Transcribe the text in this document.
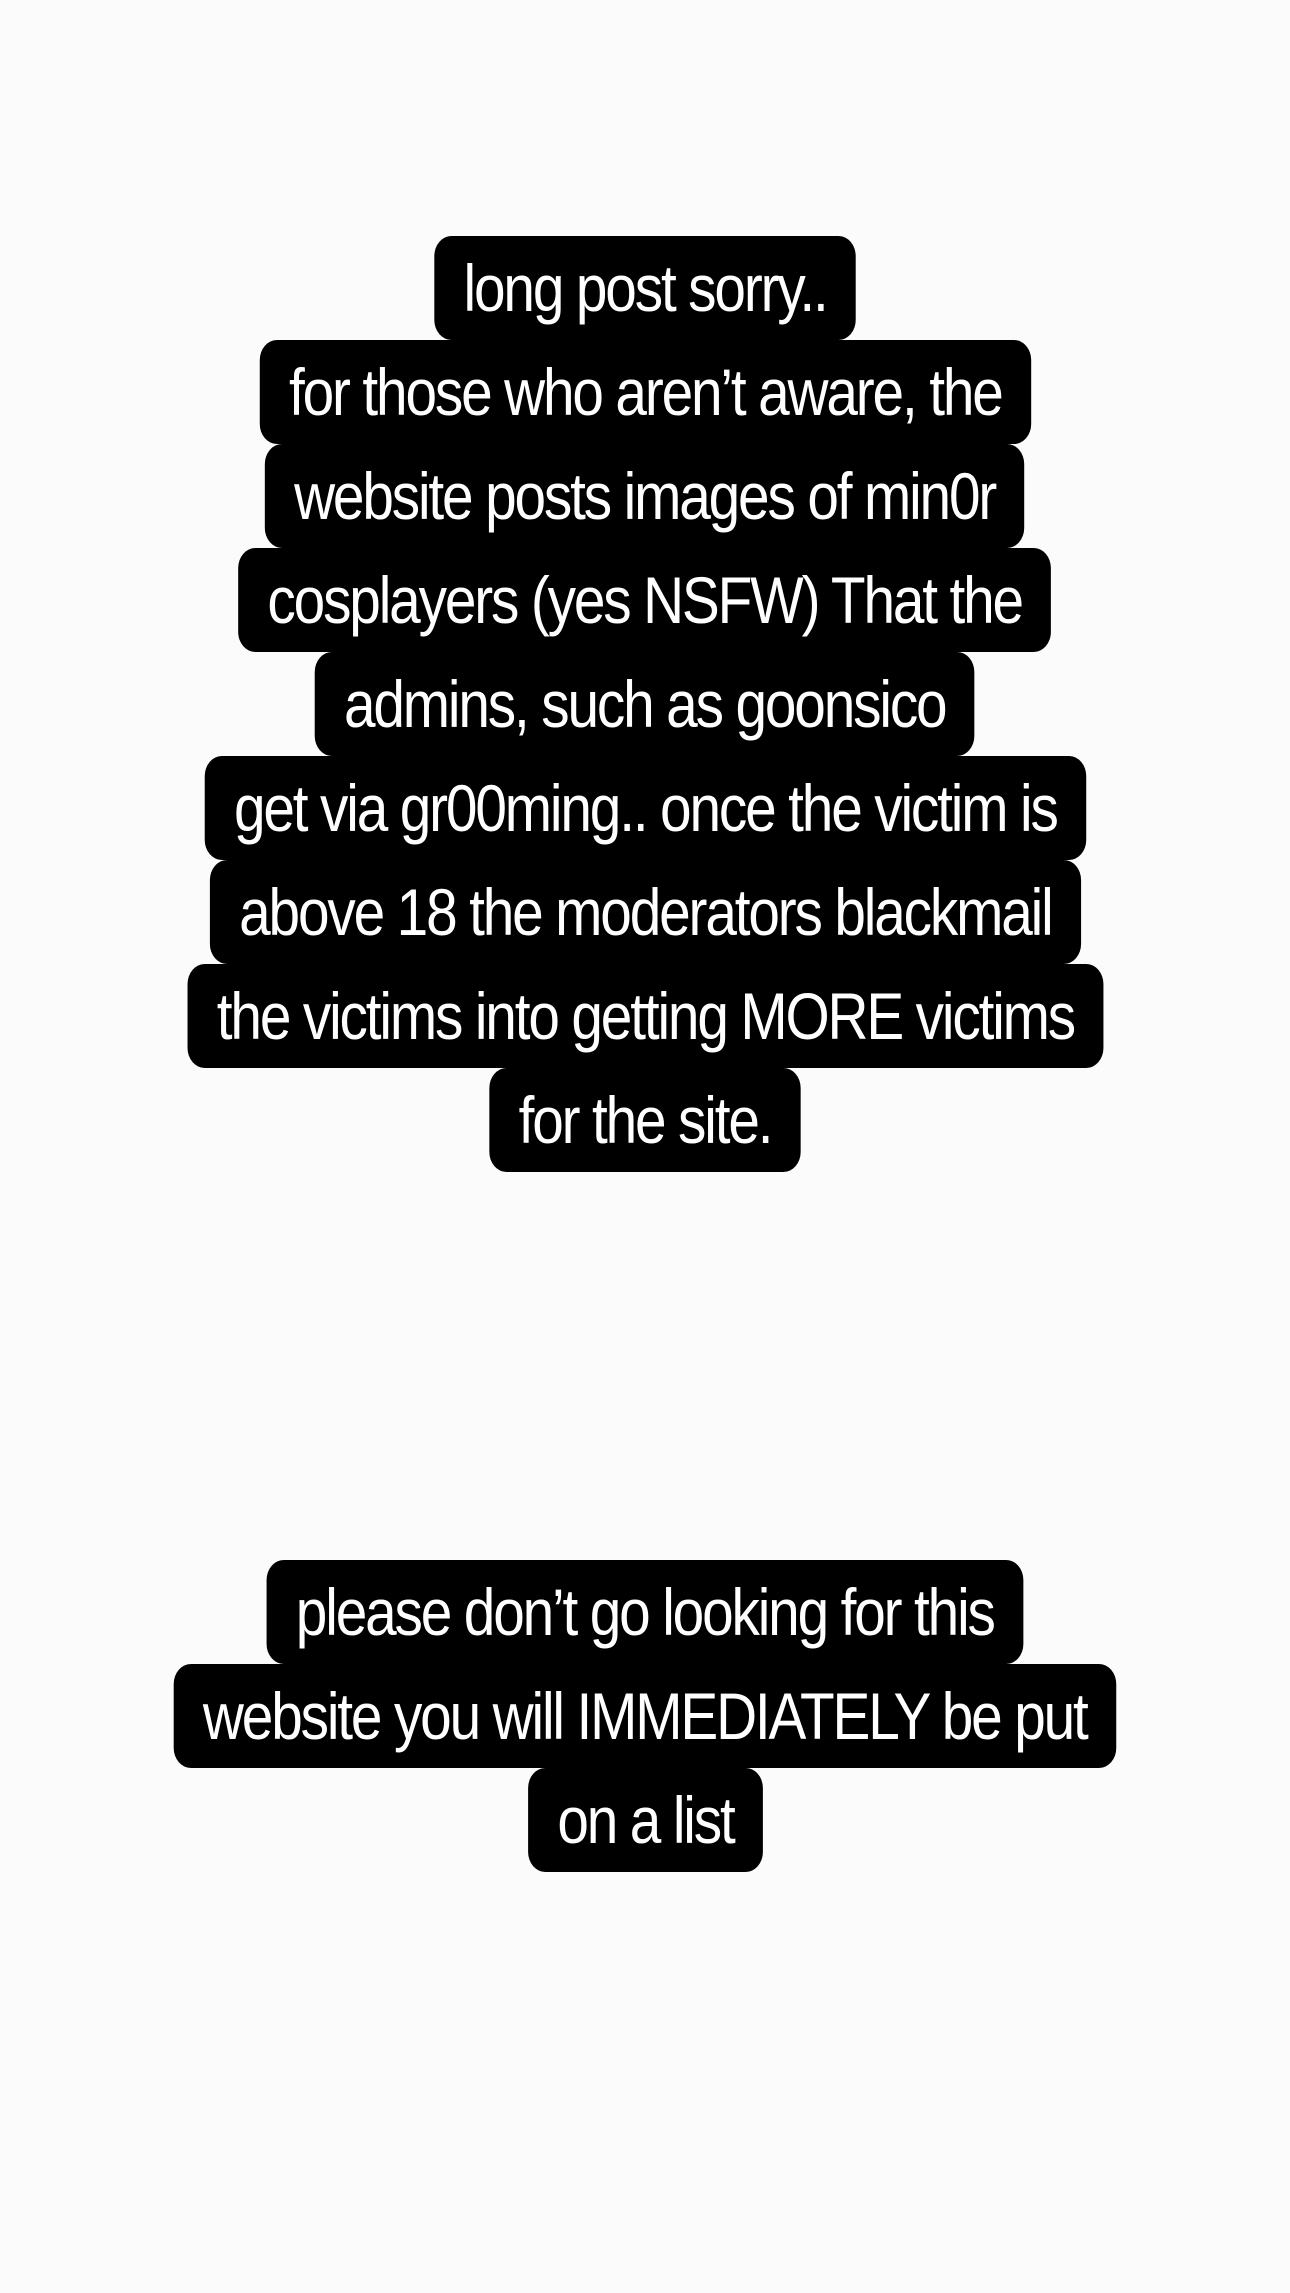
long post sorry..
for those who aren’t aware, the
website posts images of min0r
cosplayers (yes NSFW) That the
admins, such as goonsico
get via gr00ming.. once the victim is
above 18 the moderators blackmail
the victims into getting MORE victims
for the site.
please don’t go looking for this
website you will IMMEDIATELY be put
on a list
